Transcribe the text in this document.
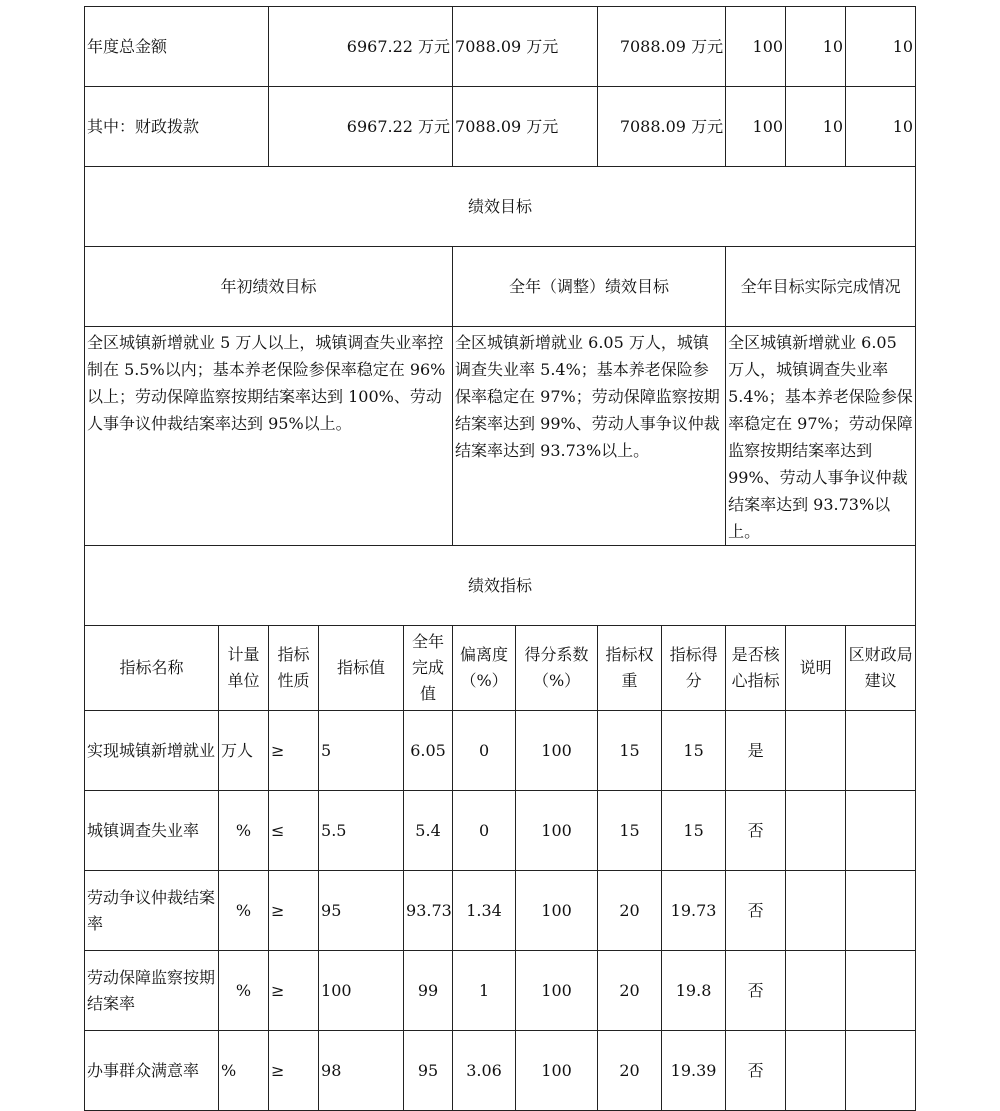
年度总金额		6967.22 万元			7088.09 万元		7088.09 万元		100	10	10
其中：财政拨款		6967.22 万元			7088.09 万元		7088.09 万元		100	10	10
绩效目标											
年初绩效目标					全年（调整）绩效目标				全年目标实际完成情况		
全区城镇新增就业 5 万人以上，城镇调查失业率控制在 5.5%以内；基本养老保险参保率稳定在 96%以上；劳动保障监察按期结案率达到 100%、劳动人事争议仲裁结案率达到 95%以上。					全区城镇新增就业 6.05 万人，城镇调查失业率 5.4%；基本养老保险参保率稳定在 97%；劳动保障监察按期结案率达到 99%、劳动人事争议仲裁结案率达到 93.73%以上。				全区城镇新增就业 6.05 万人，城镇调查失业率 5.4%；基本养老保险参保率稳定在 97%；劳动保障监察按期结案率达到 99%、劳动人事争议仲裁结案率达到 93.73%以上。		
绩效指标											
指标名称	计量单位	指标性质	指标值	全年完成值	偏离度（%）	得分系数（%）	指标权重	指标得分	是否核心指标	说明	区财政局建议
实现城镇新增就业	万人	≥	5	6.05	0	100	15	15	是		
城镇调查失业率	%	≤	5.5	5.4	0	100	15	15	否		
劳动争议仲裁结案率	%	≥	95	93.73	1.34	100	20	19.73	否		
劳动保障监察按期结案率	%	≥	100	99	1	100	20	19.8	否		
办事群众满意率	%	≥	98	95	3.06	100	20	19.39	否		
